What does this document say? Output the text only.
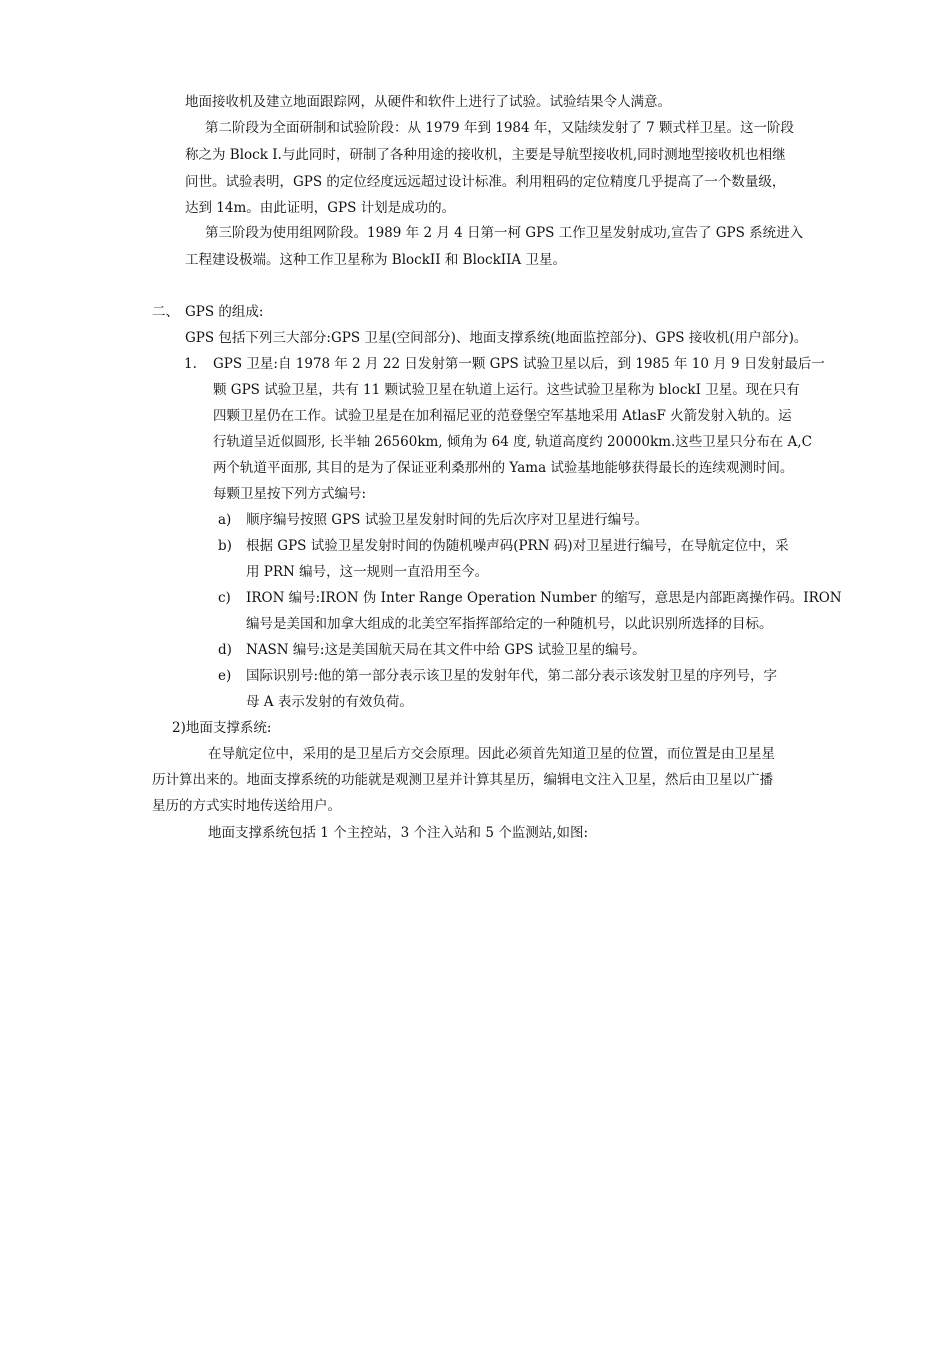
地面接收机及建立地面跟踪网，从硬件和软件上进行了试验。试验结果令人满意。
第二阶段为全面研制和试验阶段：从 1979 年到 1984 年，又陆续发射了 7 颗式样卫星。这一阶段
称之为 Block I.与此同时，研制了各种用途的接收机，主要是导航型接收机,同时测地型接收机也相继
问世。试验表明，GPS 的定位经度远远超过设计标准。利用粗码的定位精度几乎提高了一个数量级，
达到 14m。由此证明，GPS 计划是成功的。
第三阶段为使用组网阶段。1989 年 2 月 4 日第一柯 GPS 工作卫星发射成功,宣告了 GPS 系统进入
工程建设极端。这种工作卫星称为 BlockII 和 BlockIIA 卫星。
二、 GPS 的组成:
GPS 包括下列三大部分:GPS 卫星(空间部分)、地面支撑系统(地面监控部分)、GPS 接收机(用户部分)。
1. GPS 卫星:自 1978 年 2 月 22 日发射第一颗 GPS 试验卫星以后，到 1985 年 10 月 9 日发射最后一
颗 GPS 试验卫星，共有 11 颗试验卫星在轨道上运行。这些试验卫星称为 blockI 卫星。现在只有
四颗卫星仍在工作。试验卫星是在加利福尼亚的范登堡空军基地采用 AtlasF 火箭发射入轨的。运
行轨道呈近似圆形, 长半轴 26560km, 倾角为 64 度, 轨道高度约 20000km.这些卫星只分布在 A,C
两个轨道平面那, 其目的是为了保证亚利桑那州的 Yama 试验基地能够获得最长的连续观测时间。
每颗卫星按下列方式编号:
a) 顺序编号按照 GPS 试验卫星发射时间的先后次序对卫星进行编号。
b) 根据 GPS 试验卫星发射时间的伪随机噪声码(PRN 码)对卫星进行编号，在导航定位中，采
用 PRN 编号，这一规则一直沿用至今。
c) IRON 编号:IRON 伪 Inter Range Operation Number 的缩写，意思是内部距离操作码。IRON
编号是美国和加拿大组成的北美空军指挥部给定的一种随机号，以此识别所选择的目标。
d) NASN 编号:这是美国航天局在其文件中给 GPS 试验卫星的编号。
e) 国际识别号:他的第一部分表示该卫星的发射年代，第二部分表示该发射卫星的序列号，字
母 A 表示发射的有效负荷。
2)地面支撑系统:
在导航定位中，采用的是卫星后方交会原理。因此必须首先知道卫星的位置，而位置是由卫星星
历计算出来的。地面支撑系统的功能就是观测卫星并计算其星历，编辑电文注入卫星，然后由卫星以广播
星历的方式实时地传送给用户。
地面支撑系统包括 1 个主控站，3 个注入站和 5 个监测站,如图:
